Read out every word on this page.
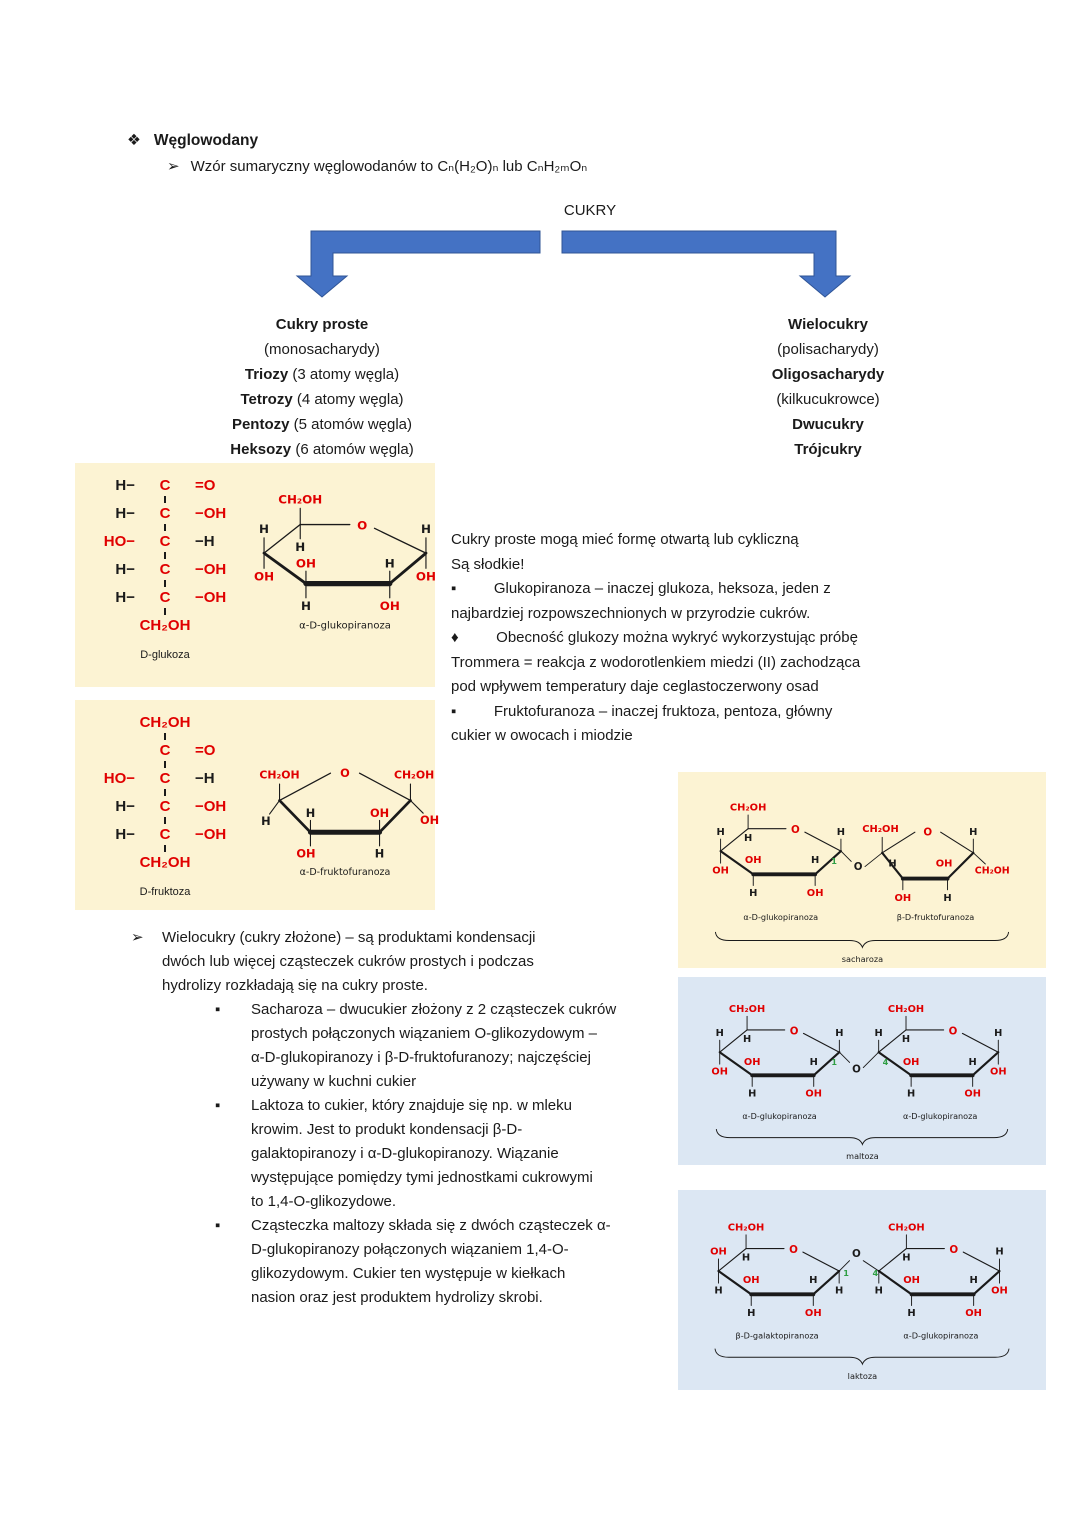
❖ Węglowodany
➢ Wzór sumaryczny węglowodanów to Cₙ(H₂O)ₙ lub CₙH₂ₘOₙ
CUKRY
Cukry proste
(monosacharydy)
Triozy (3 atomy węgla)
Tetrozy (4 atomy węgla)
Pentozy (5 atomów węgla)
Heksozy (6 atomów węgla)
Wielocukry
(polisacharydy)
Oligosacharydy
(kilkucukrowce)
Dwucukry
Trójcukry
H−	C	=O
H−	C	−OH
HO−	C	−H
H−	C	−OH
H−	C	−OH
CH₂OH
D-glukoza
CH₂OH
O
H
H
OH
H
OH
H
OH
OH
H
α-D-glukopiranoza
CH₂OH
C	=O
HO−	C	−H
H−	C	−OH
H−	C	−OH
CH₂OH
D-fruktoza
CH₂OH	O
H
H
OH
OH
H
CH₂OH
OH
α-D-fruktofuranoza
Cukry proste mogą mieć formę otwartą lub cykliczną
Są słodkie!
▪   Glukopiranoza – inaczej glukoza, heksoza, jeden z
najbardziej rozpowszechnionych w przyrodzie cukrów.
♦   Obecność glukozy można wykryć wykorzystując próbę
Trommera = reakcja z wodorotlenkiem miedzi (II) zachodząca
pod wpływem temperatury daje ceglastoczerwony osad
▪   Fruktofuranoza – inaczej fruktoza, pentoza, główny
cukier w owocach i miodzie
➢	Wielocukry (cukry złożone) – są produktami kondensacji
dwóch lub więcej cząsteczek cukrów prostych i podczas
hydrolizy rozkładają się na cukry proste.
▪	Sacharoza – dwucukier złożony z 2 cząsteczek cukrów
prostych połączonych wiązaniem O-glikozydowym –
α-D-glukopiranozy i β-D-fruktofuranozy; najczęściej
używany w kuchni cukier
▪	Laktoza to cukier, który znajduje się np. w mleku
krowim. Jest to produkt kondensacji β-D-
galaktopiranozy i α-D-glukopiranozy. Wiązanie
występujące pomiędzy tymi jednostkami cukrowymi
to 1,4-O-glikozydowe.
▪	Cząsteczka maltozy składa się z dwóch cząsteczek α-
D-glukopiranozy połączonych wiązaniem 1,4-O-
glikozydowym. Cukier ten występuje w kiełkach
nasion oraz jest produktem hydrolizy skrobi.
CH₂OH
O
H
H
OH
H
1
H
OH
OH
H
O
CH₂OH O
H
OH
OH
H
H
CH₂OH
α-D-glukopiranoza	β-D-fruktofuranoza
sacharoza
CH₂OH
O
H
H
OH
H
1
H
OH
OH
H
O
4
CH₂OH
O
H
H	H
OH
H
OH
OH
H
α-D-glukopiranoza	α-D-glukopiranoza
maltoza
CH₂OH
O
H
OH
H
O
1 4
H
H
OH
OH
H
CH₂OH
O
H
H
H
OH
H
OH
OH
H
β-D-galaktopiranoza	α-D-glukopiranoza
laktoza
